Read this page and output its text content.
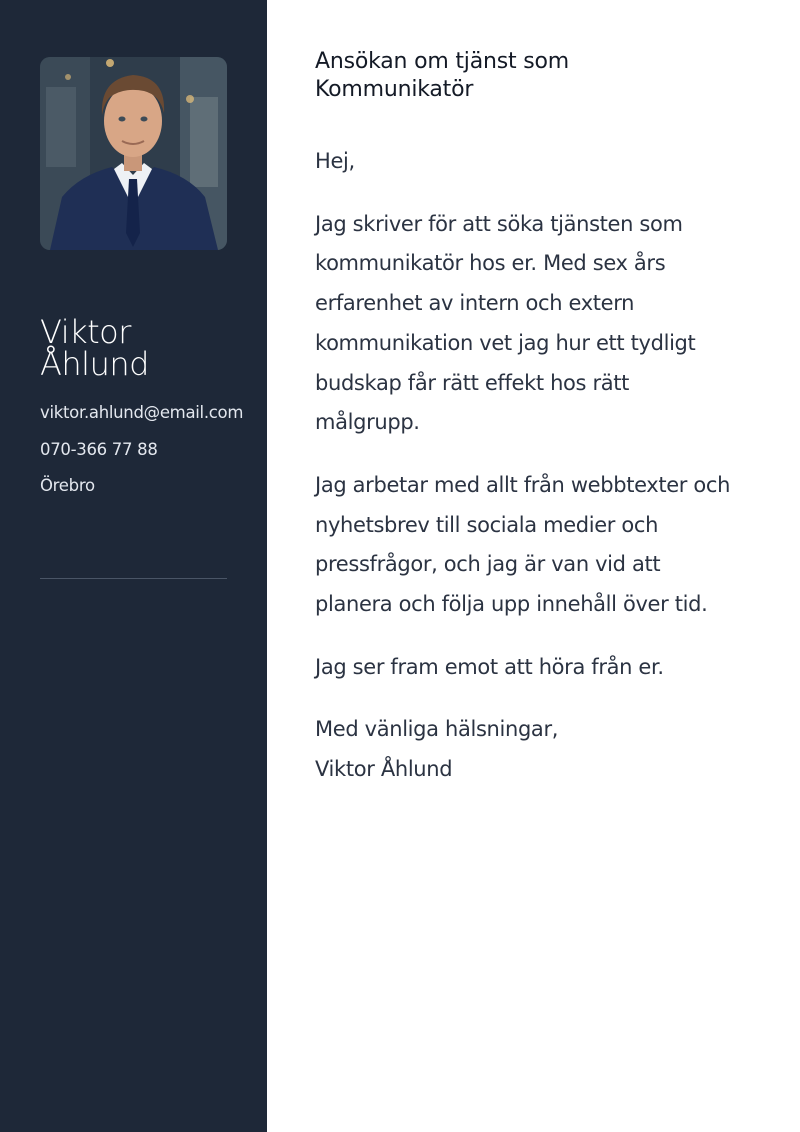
Viktor
Åhlund
viktor.ahlund@email.com
070-366 77 88
Örebro
Ansökan om tjänst som
Kommunikatör

Hej,

Jag skriver för att söka tjänsten som
kommunikatör hos er. Med sex års
erfarenhet av intern och extern
kommunikation vet jag hur ett tydligt
budskap får rätt effekt hos rätt
målgrupp.

Jag arbetar med allt från webbtexter och
nyhetsbrev till sociala medier och
pressfrågor, och jag är van vid att
planera och följa upp innehåll över tid.

Jag ser fram emot att höra från er.

Med vänliga hälsningar,
Viktor Åhlund
